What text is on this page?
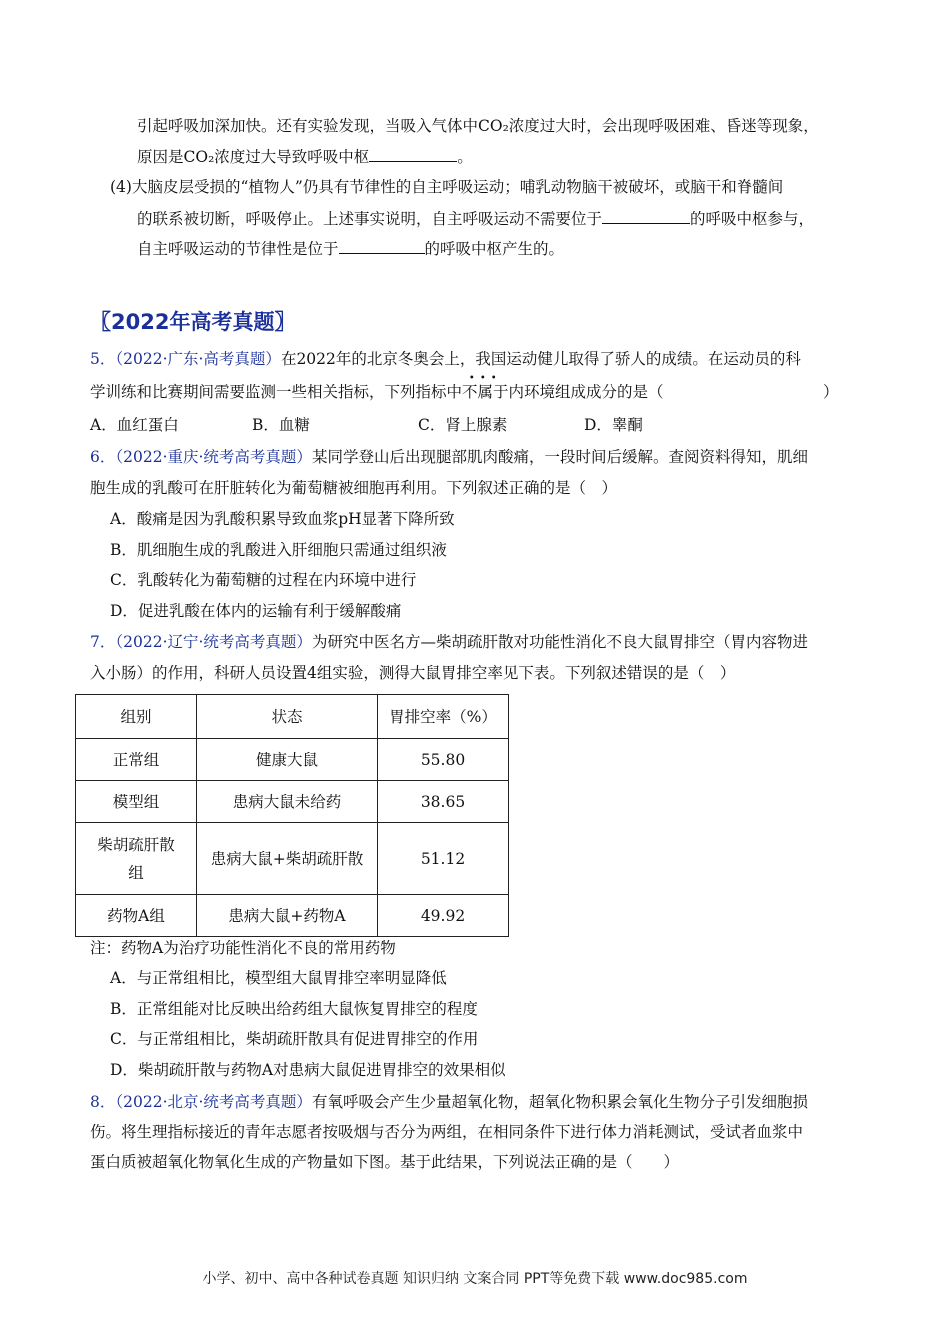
引起呼吸加深加快。还有实验发现，当吸入气体中CO₂浓度过大时，会出现呼吸困难、昏迷等现象，
原因是CO₂浓度过大导致呼吸中枢	。
(4)大脑皮层受损的“植物人”仍具有节律性的自主呼吸运动；哺乳动物脑干被破坏，或脑干和脊髓间
的联系被切断，呼吸停止。上述事实说明，自主呼吸运动不需要位于	的呼吸中枢参与，
自主呼吸运动的节律性是位于	的呼吸中枢产生的。
〖2022年高考真题〗
5．（2022·广东·高考真题）在2022年的北京冬奥会上，我国运动健儿取得了骄人的成绩。在运动员的科
学训练和比赛期间需要监测一些相关指标，下列指标中
•••
不属于内环境组成成分的是（	）
A．血红蛋白	B．血糖	C．肾上腺素	D．睾酮
6．（2022·重庆·统考高考真题）某同学登山后出现腿部肌肉酸痛，一段时间后缓解。查阅资料得知，肌细
胞生成的乳酸可在肝脏转化为葡萄糖被细胞再利用。下列叙述正确的是（　）
A．酸痛是因为乳酸积累导致血浆pH显著下降所致
B．肌细胞生成的乳酸进入肝细胞只需通过组织液
C．乳酸转化为葡萄糖的过程在内环境中进行
D．促进乳酸在体内的运输有利于缓解酸痛
7．（2022·辽宁·统考高考真题）为研究中医名方—柴胡疏肝散对功能性消化不良大鼠胃排空（胃内容物进
入小肠）的作用，科研人员设置4组实验，测得大鼠胃排空率见下表。下列叙述错误的是（　）
组别	状态	胃排空率（%）
正常组	健康大鼠	55.80
模型组	患病大鼠未给药	38.65

柴胡疏肝散
组	患病大鼠+柴胡疏肝散	51.12
药物A组	患病大鼠+药物A	49.92
注：药物A为治疗功能性消化不良的常用药物
A．与正常组相比，模型组大鼠胃排空率明显降低
B．正常组能对比反映出给药组大鼠恢复胃排空的程度
C．与正常组相比，柴胡疏肝散具有促进胃排空的作用
D．柴胡疏肝散与药物A对患病大鼠促进胃排空的效果相似
8．（2022·北京·统考高考真题）有氧呼吸会产生少量超氧化物，超氧化物积累会氧化生物分子引发细胞损
伤。将生理指标接近的青年志愿者按吸烟与否分为两组，在相同条件下进行体力消耗测试，受试者血浆中
蛋白质被超氧化物氧化生成的产物量如下图。基于此结果，下列说法正确的是（　　）
小学、初中、高中各种试卷真题 知识归纳 文案合同 PPT等免费下载 www.doc985.com
